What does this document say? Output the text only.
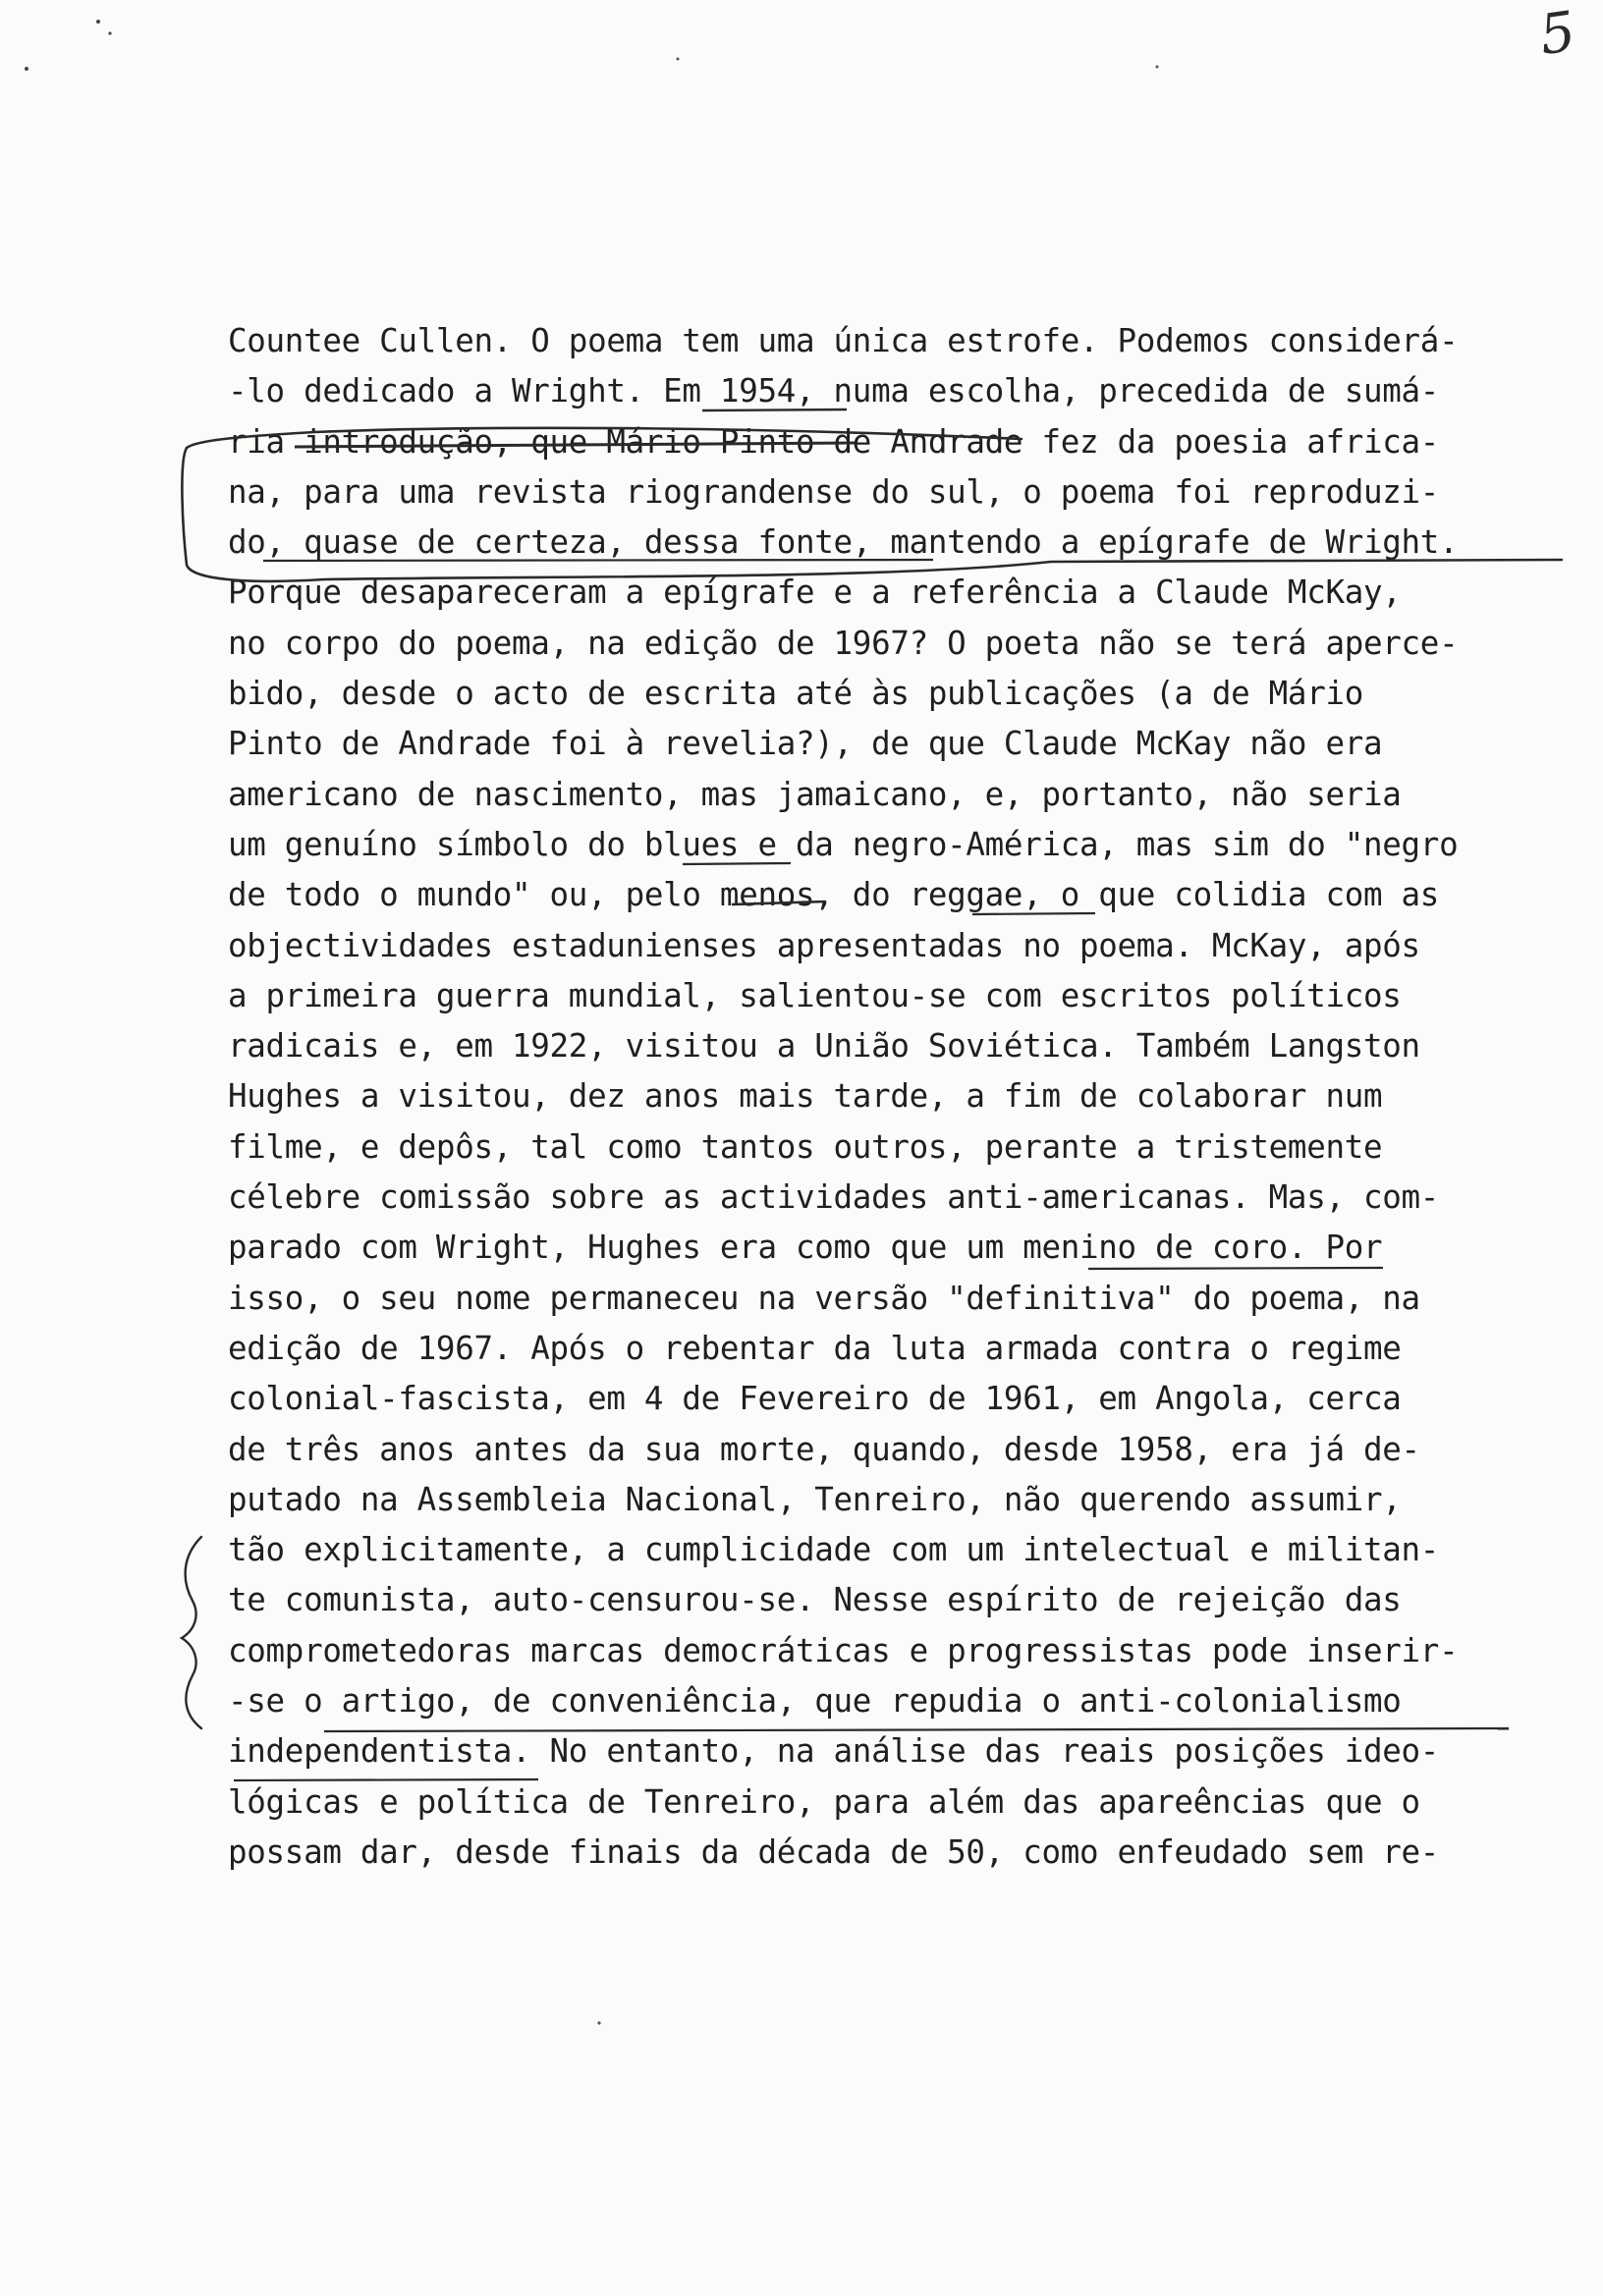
5
Countee Cullen. O poema tem uma única estrofe. Podemos considerá-
-lo dedicado a Wright. Em 1954, numa escolha, precedida de sumá-
ria introdução, que Mário Pinto de Andrade fez da poesia africa-
na, para uma revista riograndense do sul, o poema foi reproduzi-
do, quase de certeza, dessa fonte, mantendo a epígrafe de Wright.
Porque desapareceram a epígrafe e a referência a Claude McKay,
no corpo do poema, na edição de 1967? O poeta não se terá aperce-
bido, desde o acto de escrita até às publicações (a de Mário
Pinto de Andrade foi à revelia?), de que Claude McKay não era
americano de nascimento, mas jamaicano, e, portanto, não seria
um genuíno símbolo do blues e da negro-América, mas sim do "negro
de todo o mundo" ou, pelo menos, do reggae, o que colidia com as
objectividades estadunienses apresentadas no poema. McKay, após
a primeira guerra mundial, salientou-se com escritos políticos
radicais e, em 1922, visitou a União Soviética. Também Langston
Hughes a visitou, dez anos mais tarde, a fim de colaborar num
filme, e depôs, tal como tantos outros, perante a tristemente
célebre comissão sobre as actividades anti-americanas. Mas, com-
parado com Wright, Hughes era como que um menino de coro. Por
isso, o seu nome permaneceu na versão "definitiva" do poema, na
edição de 1967. Após o rebentar da luta armada contra o regime
colonial-fascista, em 4 de Fevereiro de 1961, em Angola, cerca
de três anos antes da sua morte, quando, desde 1958, era já de-
putado na Assembleia Nacional, Tenreiro, não querendo assumir,
tão explicitamente, a cumplicidade com um intelectual e militan-
te comunista, auto-censurou-se. Nesse espírito de rejeição das
comprometedoras marcas democráticas e progressistas pode inserir-
-se o artigo, de conveniência, que repudia o anti-colonialismo
independentista. No entanto, na análise das reais posições ideo-
lógicas e política de Tenreiro, para além das apareências que o
possam dar, desde finais da década de 50, como enfeudado sem re-
